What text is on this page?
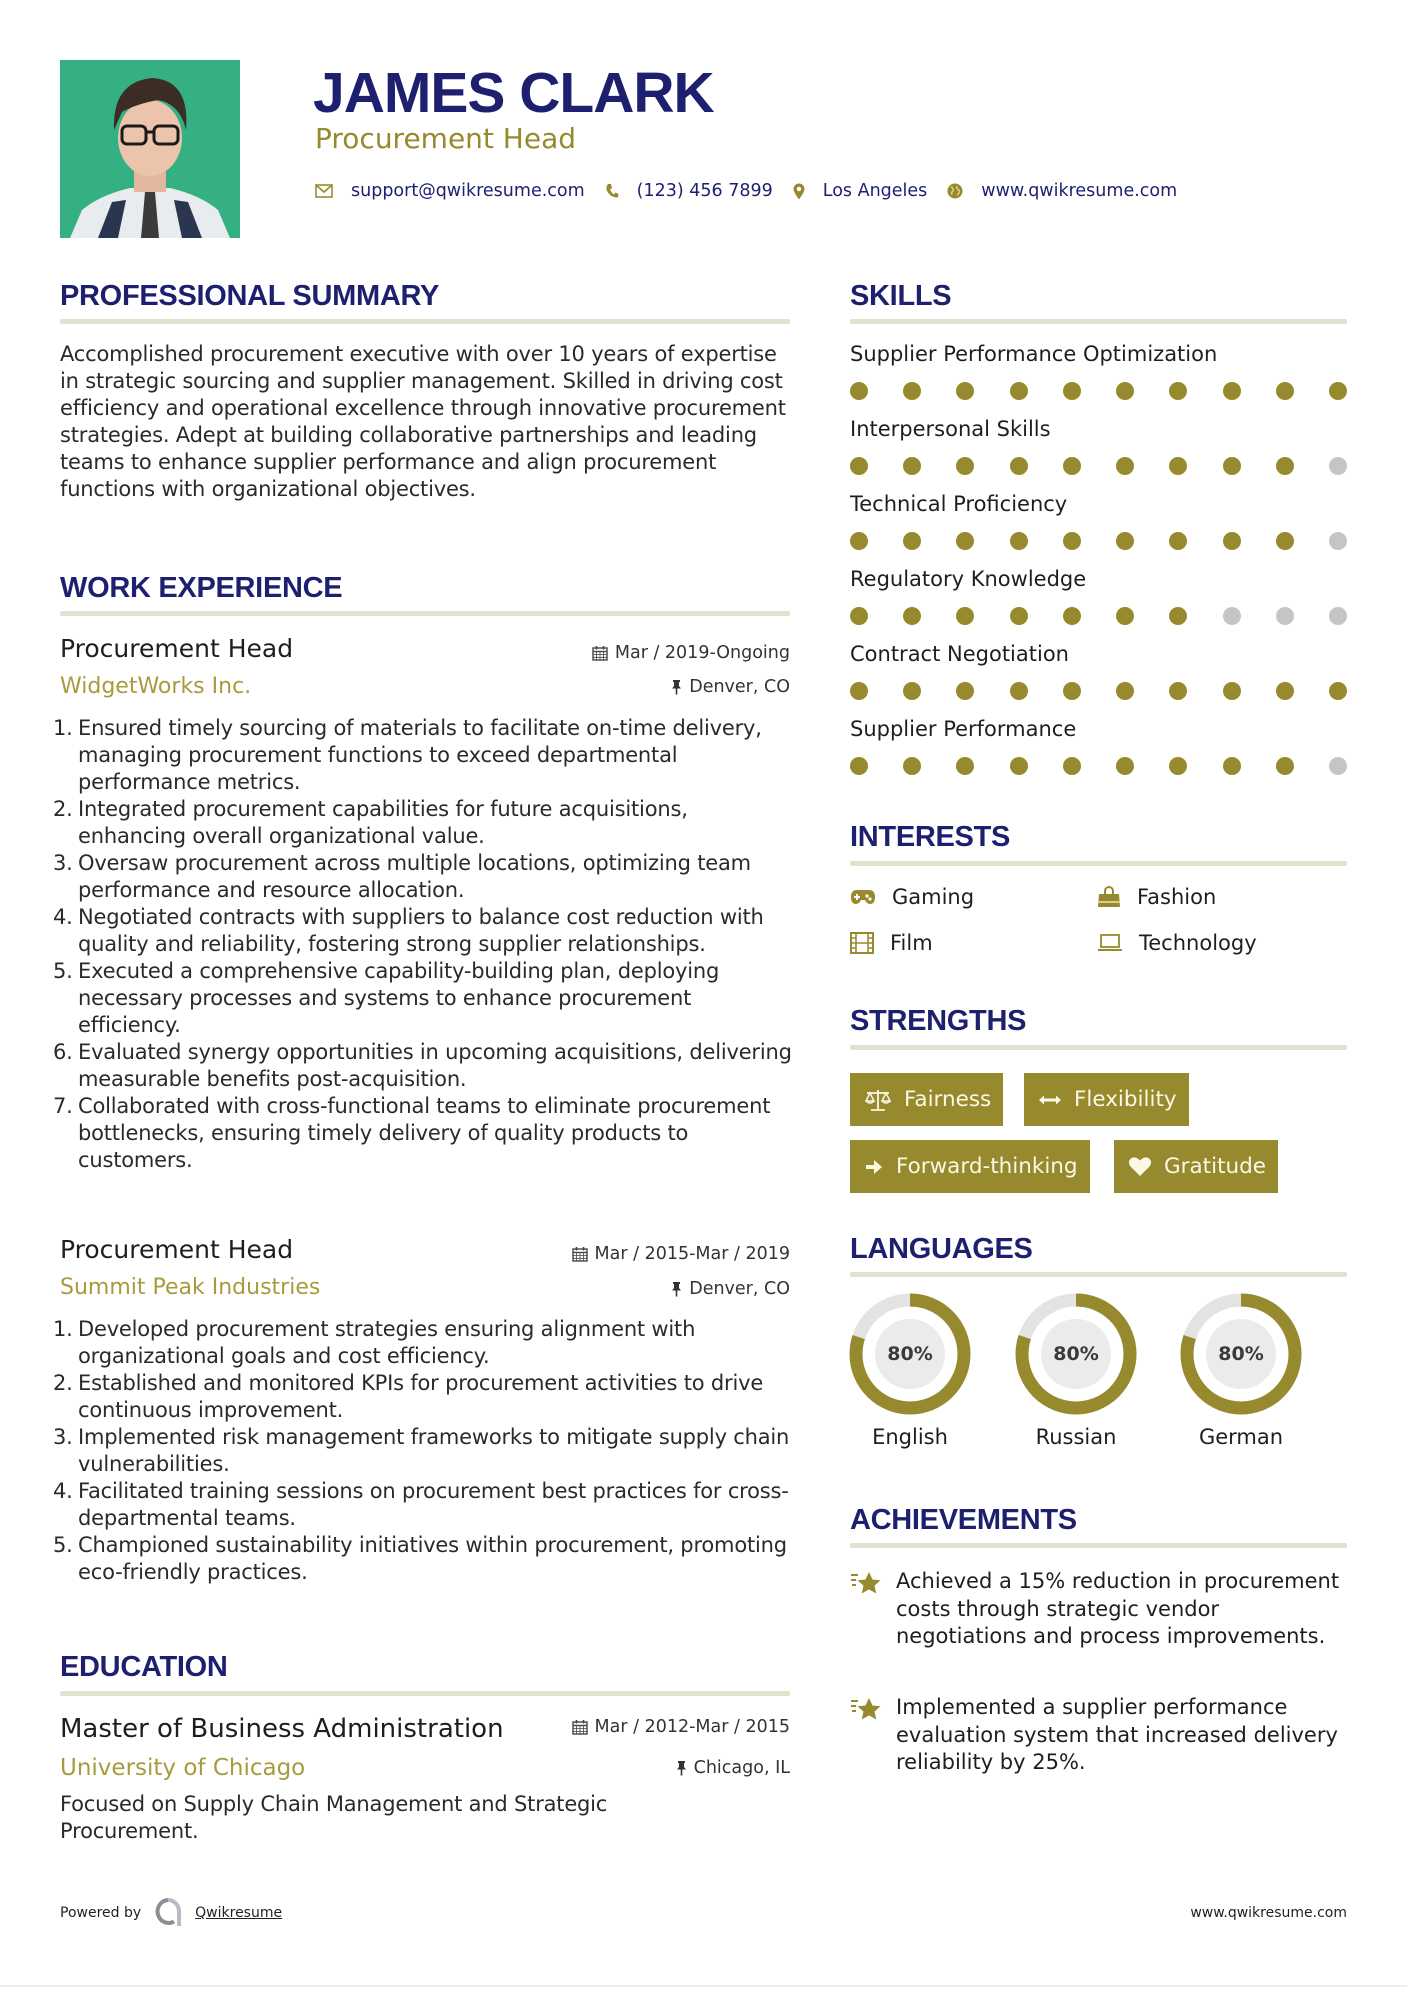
JAMES CLARK
Procurement Head
support@qwikresume.com	(123) 456 7899	Los Angeles	www.qwikresume.com
PROFESSIONAL SUMMARY
Accomplished procurement executive with over 10 years of expertise in strategic sourcing and supplier management. Skilled in driving cost efficiency and operational excellence through innovative procurement strategies. Adept at building collaborative partnerships and leading teams to enhance supplier performance and align procurement functions with organizational objectives.
WORK EXPERIENCE
Procurement Head	Mar / 2019-Ongoing
WidgetWorks Inc.	Denver, CO
1. Ensured timely sourcing of materials to facilitate on-time delivery, managing procurement functions to exceed departmental performance metrics.
2. Integrated procurement capabilities for future acquisitions, enhancing overall organizational value.
3. Oversaw procurement across multiple locations, optimizing team performance and resource allocation.
4. Negotiated contracts with suppliers to balance cost reduction with quality and reliability, fostering strong supplier relationships.
5. Executed a comprehensive capability-building plan, deploying necessary processes and systems to enhance procurement efficiency.
6. Evaluated synergy opportunities in upcoming acquisitions, delivering measurable benefits post-acquisition.
7. Collaborated with cross-functional teams to eliminate procurement bottlenecks, ensuring timely delivery of quality products to customers.
Procurement Head	Mar / 2015-Mar / 2019
Summit Peak Industries	Denver, CO
1. Developed procurement strategies ensuring alignment with organizational goals and cost efficiency.
2. Established and monitored KPIs for procurement activities to drive continuous improvement.
3. Implemented risk management frameworks to mitigate supply chain vulnerabilities.
4. Facilitated training sessions on procurement best practices for cross-departmental teams.
5. Championed sustainability initiatives within procurement, promoting eco-friendly practices.
EDUCATION
Master of Business Administration	Mar / 2012-Mar / 2015
University of Chicago	Chicago, IL
Focused on Supply Chain Management and Strategic Procurement.
SKILLS
Supplier Performance Optimization
Interpersonal Skills
Technical Proficiency
Regulatory Knowledge
Contract Negotiation
Supplier Performance
INTERESTS
Gaming	Fashion
Film	Technology
STRENGTHS
Fairness	Flexibility
Forward-thinking	Gratitude
LANGUAGES
80%
English
80%
Russian
80%
German
ACHIEVEMENTS
Achieved a 15% reduction in procurement costs through strategic vendor negotiations and process improvements.
Implemented a supplier performance evaluation system that increased delivery reliability by 25%.
Powered by	Qwikresume	www.qwikresume.com
